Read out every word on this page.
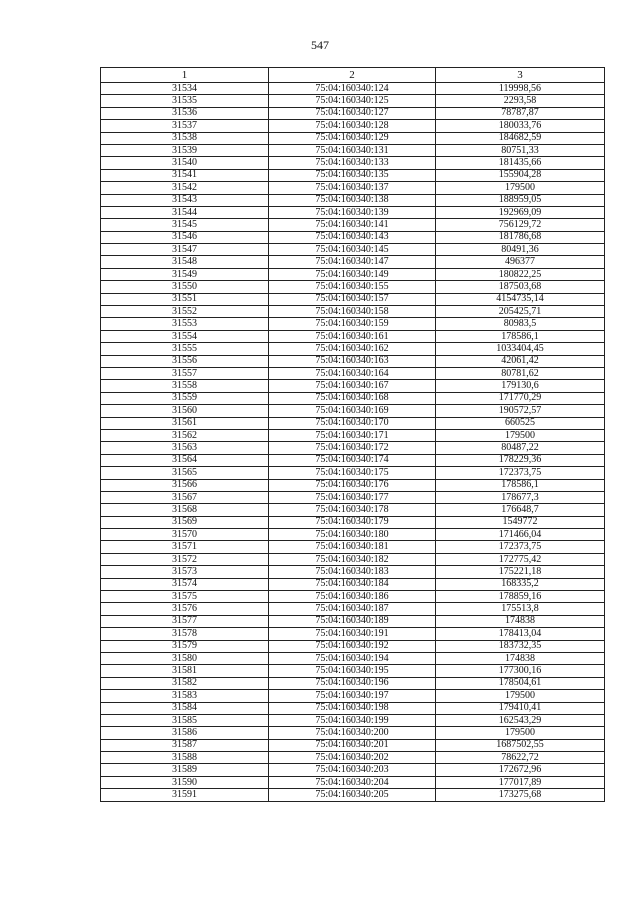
547
1	2	3
31534	75:04:160340:124	119998,56
31535	75:04:160340:125	2293,58
31536	75:04:160340:127	78787,87
31537	75:04:160340:128	180033,76
31538	75:04:160340:129	184682,59
31539	75:04:160340:131	80751,33
31540	75:04:160340:133	181435,66
31541	75:04:160340:135	155904,28
31542	75:04:160340:137	179500
31543	75:04:160340:138	188959,05
31544	75:04:160340:139	192969,09
31545	75:04:160340:141	756129,72
31546	75:04:160340:143	181786,68
31547	75:04:160340:145	80491,36
31548	75:04:160340:147	496377
31549	75:04:160340:149	180822,25
31550	75:04:160340:155	187503,68
31551	75:04:160340:157	4154735,14
31552	75:04:160340:158	205425,71
31553	75:04:160340:159	80983,5
31554	75:04:160340:161	178586,1
31555	75:04:160340:162	1033404,45
31556	75:04:160340:163	42061,42
31557	75:04:160340:164	80781,62
31558	75:04:160340:167	179130,6
31559	75:04:160340:168	171770,29
31560	75:04:160340:169	190572,57
31561	75:04:160340:170	660525
31562	75:04:160340:171	179500
31563	75:04:160340:172	80487,22
31564	75:04:160340:174	178229,36
31565	75:04:160340:175	172373,75
31566	75:04:160340:176	178586,1
31567	75:04:160340:177	178677,3
31568	75:04:160340:178	176648,7
31569	75:04:160340:179	1549772
31570	75:04:160340:180	171466,04
31571	75:04:160340:181	172373,75
31572	75:04:160340:182	172775,42
31573	75:04:160340:183	175221,18
31574	75:04:160340:184	168335,2
31575	75:04:160340:186	178859,16
31576	75:04:160340:187	175513,8
31577	75:04:160340:189	174838
31578	75:04:160340:191	178413,04
31579	75:04:160340:192	183732,35
31580	75:04:160340:194	174838
31581	75:04:160340:195	177300,16
31582	75:04:160340:196	178504,61
31583	75:04:160340:197	179500
31584	75:04:160340:198	179410,41
31585	75:04:160340:199	162543,29
31586	75:04:160340:200	179500
31587	75:04:160340:201	1687502,55
31588	75:04:160340:202	78622,72
31589	75:04:160340:203	172672,96
31590	75:04:160340:204	177017,89
31591	75:04:160340:205	173275,68
